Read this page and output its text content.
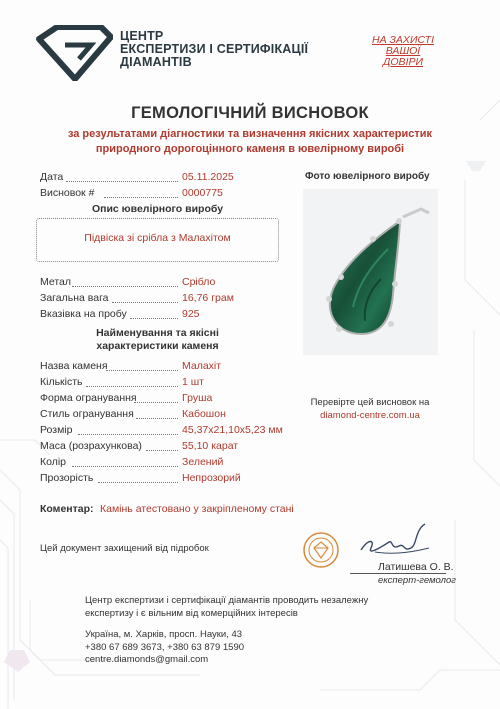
ЦЕНТР
ЕКСПЕРТИЗИ І СЕРТИФІКАЦІЇ
ДІАМАНТІВ
НА ЗАХИСТІ
ВАШОЇ
ДОВІРИ
ГЕМОЛОГІЧНИЙ ВИСНОВОК
за результатами діагностики та визначення якісних характеристик
природного дорогоцінного каменя в ювелірному виробі
Дата	05.11.2025
Висновок #	0000775
Фото ювелірного виробу
Опис ювелірного виробу
Підвіска зі срібла з Малахітом
Метал	Срібло
Загальна вага	16,76 грам
Вказівка на пробу	925
Найменування та якісні
характеристики каменя
Назва каменя	Малахіт
Кількість	1 шт
Форма огранування	Груша
Стиль огранування	Кабошон
Розмір	45,37х21,10х5,23 мм
Маса (розрахункова)	55,10 карат
Колір	Зелений
Прозорість	Непрозорий
Перевірте цей висновок на
diamond-centre.com.ua
Коментар: Камінь атестовано у закріпленому стані
Цей документ захищений від підробок
Латишева О. В.
експерт-гемолог
Центр експертизи і сертифікації діамантів проводить незалежну
експертизу і є вільним від комерційних інтересів
Україна, м. Харків, просп. Науки, 43
+380 67 689 3673, +380 63 879 1590
centre.diamonds@gmail.com
